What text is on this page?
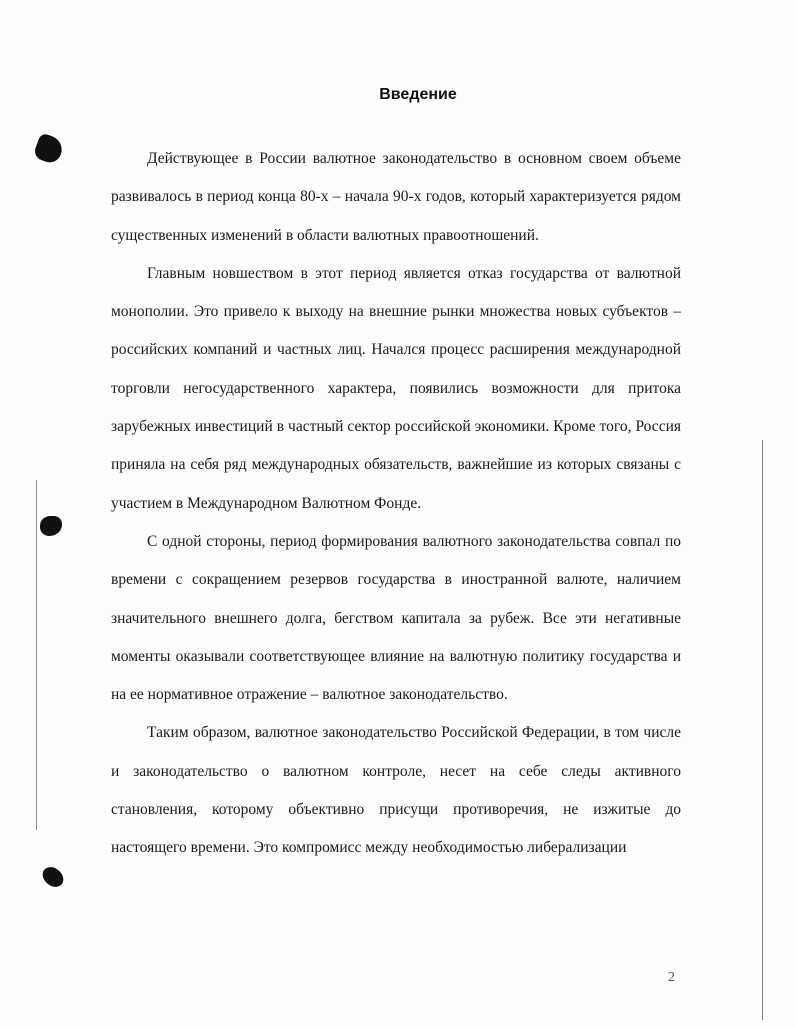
Введение

Действующее в России валютное законодательство в основном своем объеме развивалось в период конца 80-х – начала 90-х годов, который характеризуется рядом существенных изменений в области валютных правоотношений.

Главным новшеством в этот период является отказ государства от валютной монополии. Это привело к выходу на внешние рынки множества новых субъектов – российских компаний и частных лиц. Начался процесс расширения международной торговли негосударственного характера, появились возможности для притока зарубежных инвестиций в частный сектор российской экономики. Кроме того, Россия приняла на себя ряд международных обязательств, важнейшие из которых связаны с участием в Международном Валютном Фонде.

С одной стороны, период формирования валютного законодательства совпал по времени с сокращением резервов государства в иностранной валюте, наличием значительного внешнего долга, бегством капитала за рубеж. Все эти негативные моменты оказывали соответствующее влияние на валютную политику государства и на ее нормативное отражение – валютное законодательство.

Таким образом, валютное законодательство Российской Федерации, в том числе и законодательство о валютном контроле, несет на себе следы активного становления, которому объективно присущи противоречия, не изжитые до настоящего времени. Это компромисс между необходимостью либерализации

2
